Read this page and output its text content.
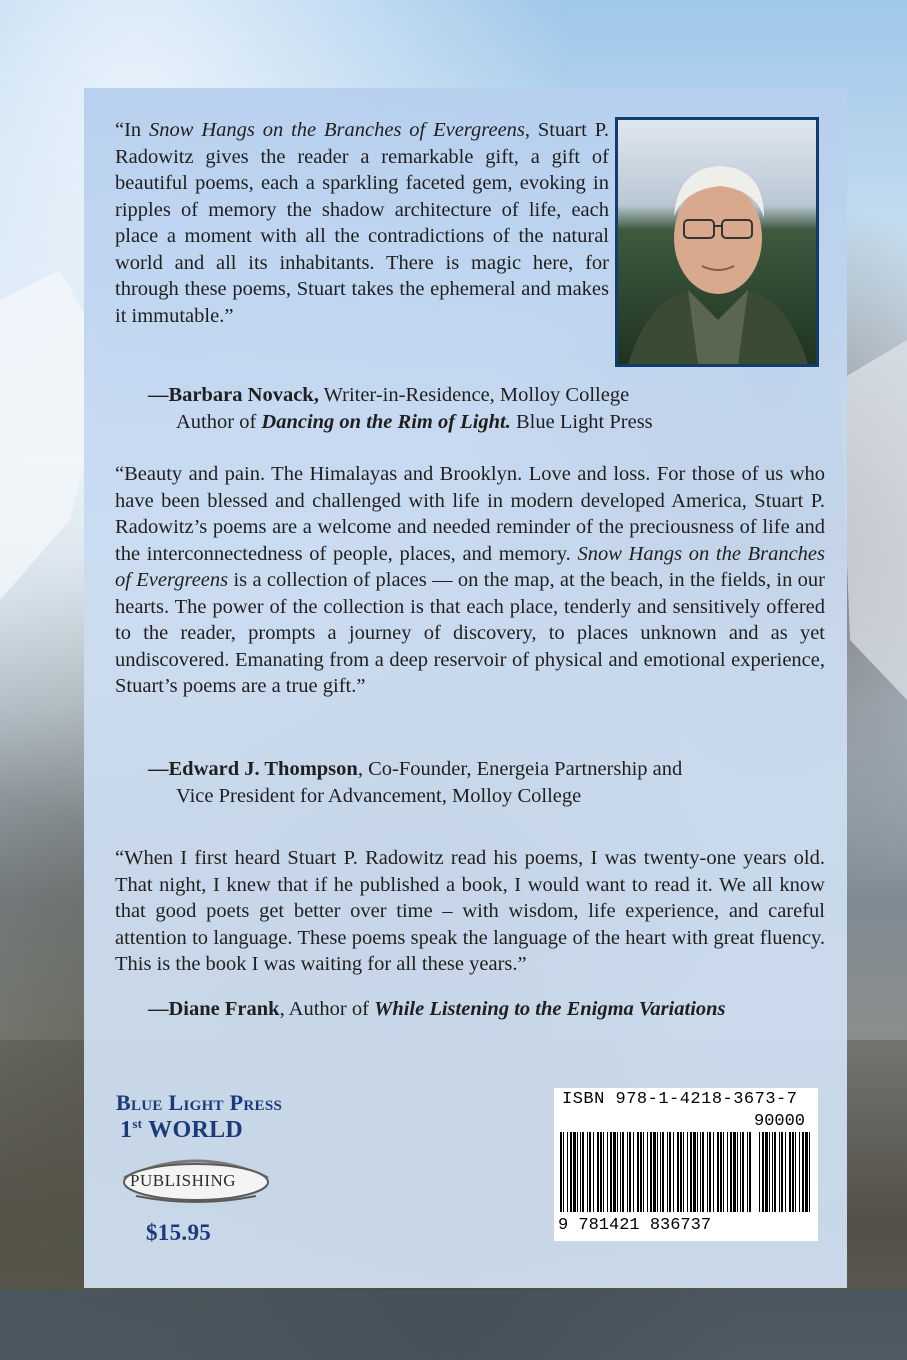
“In Snow Hangs on the Branches of Evergreens, Stuart P. Radowitz gives the reader a remarkable gift, a gift of beautiful poems, each a sparkling faceted gem, evoking in ripples of memory the shadow architecture of life, each place a moment with all the contradictions of the natural world and all its inhabitants. There is magic here, for through these poems, Stuart takes the ephemeral and makes it immutable.”

—Barbara Novack, Writer-in-Residence, Molloy College
Author of Dancing on the Rim of Light. Blue Light Press

“Beauty and pain. The Himalayas and Brooklyn. Love and loss. For those of us who have been blessed and challenged with life in modern developed America, Stuart P. Radowitz’s poems are a welcome and needed reminder of the preciousness of life and the interconnectedness of people, places, and memory. Snow Hangs on the Branches of Evergreens is a collection of places — on the map, at the beach, in the fields, in our hearts. The power of the collection is that each place, tenderly and sensitively offered to the reader, prompts a journey of discovery, to places unknown and as yet undiscovered. Emanating from a deep reservoir of physical and emotional experience, Stuart’s poems are a true gift.”

—Edward J. Thompson, Co-Founder, Energeia Partnership and
Vice President for Advancement, Molloy College

“When I first heard Stuart P. Radowitz read his poems, I was twenty-one years old. That night, I knew that if he published a book, I would want to read it. We all know that good poets get better over time – with wisdom, life experience, and careful attention to language. These poems speak the language of the heart with great fluency. This is the book I was waiting for all these years.”

—Diane Frank, Author of While Listening to the Enigma Variations
Blue Light Press
1st WORLD
PUBLISHING
$15.95
ISBN 978-1-4218-3673-7
90000
9 781421 836737
